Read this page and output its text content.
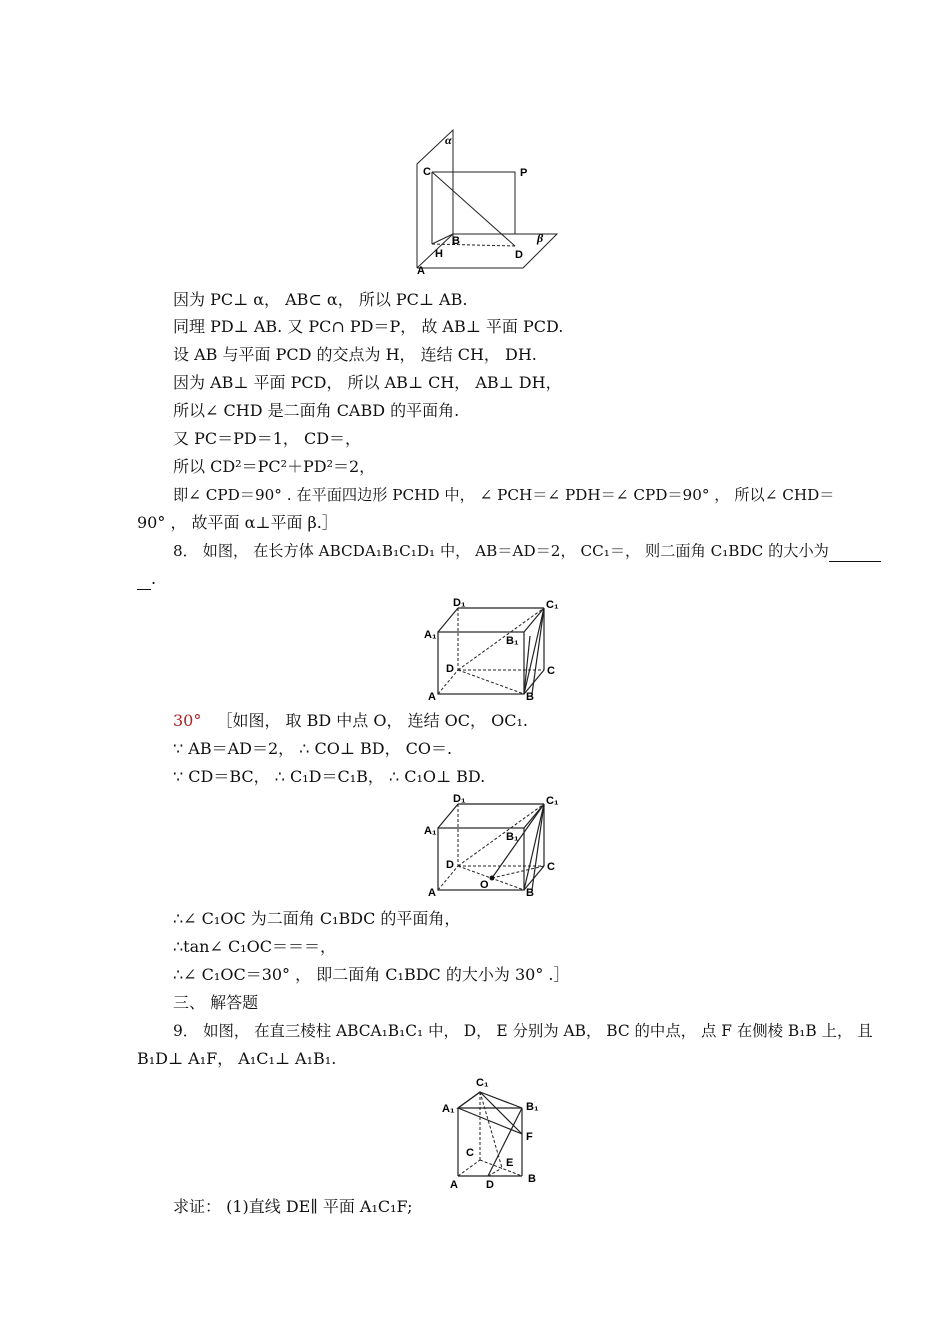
α
C	P
B	β
H	D
A
因为 PC⊥ α， AB⊂ α， 所以 PC⊥ AB.
同理 PD⊥ AB. 又 PC∩ PD＝P， 故 AB⊥ 平面 PCD.
设 AB 与平面 PCD 的交点为 H， 连结 CH， DH.
因为 AB⊥ 平面 PCD， 所以 AB⊥ CH， AB⊥ DH，
所以∠ CHD 是二面角 CABD 的平面角.
又 PC＝PD＝1， CD＝，
所以 CD²＝PC²＋PD²＝2，
即∠ CPD＝90° . 在平面四边形 PCHD 中， ∠ PCH＝∠ PDH＝∠ CPD＝90° ， 所以∠ CHD＝
90° ， 故平面 α⊥平面 β.］
8． 如图， 在长方体 ABCDA₁B₁C₁D₁ 中， AB＝AD＝2， CC₁＝， 则二面角 C₁BDC 的大小为
.
D₁	C₁
A₁	B₁
D	C
A	B
30° ［如图， 取 BD 中点 O， 连结 OC， OC₁.
∵ AB＝AD＝2， ∴ CO⊥ BD， CO＝.
∵ CD＝BC， ∴ C₁D＝C₁B， ∴ C₁O⊥ BD.
D₁	C₁
A₁	B₁
D	C
O
A	B
∴∠ C₁OC 为二面角 C₁BDC 的平面角，
∴tan∠ C₁OC＝＝＝，
∴∠ C₁OC＝30° ， 即二面角 C₁BDC 的大小为 30° .］
三、 解答题
9． 如图， 在直三棱柱 ABCA₁B₁C₁ 中， D， E 分别为 AB， BC 的中点， 点 F 在侧棱 B₁B 上， 且
B₁D⊥ A₁F， A₁C₁⊥ A₁B₁.
C₁
A₁	B₁
F
C
E
A	D	B
求证： (1)直线 DE∥ 平面 A₁C₁F;
